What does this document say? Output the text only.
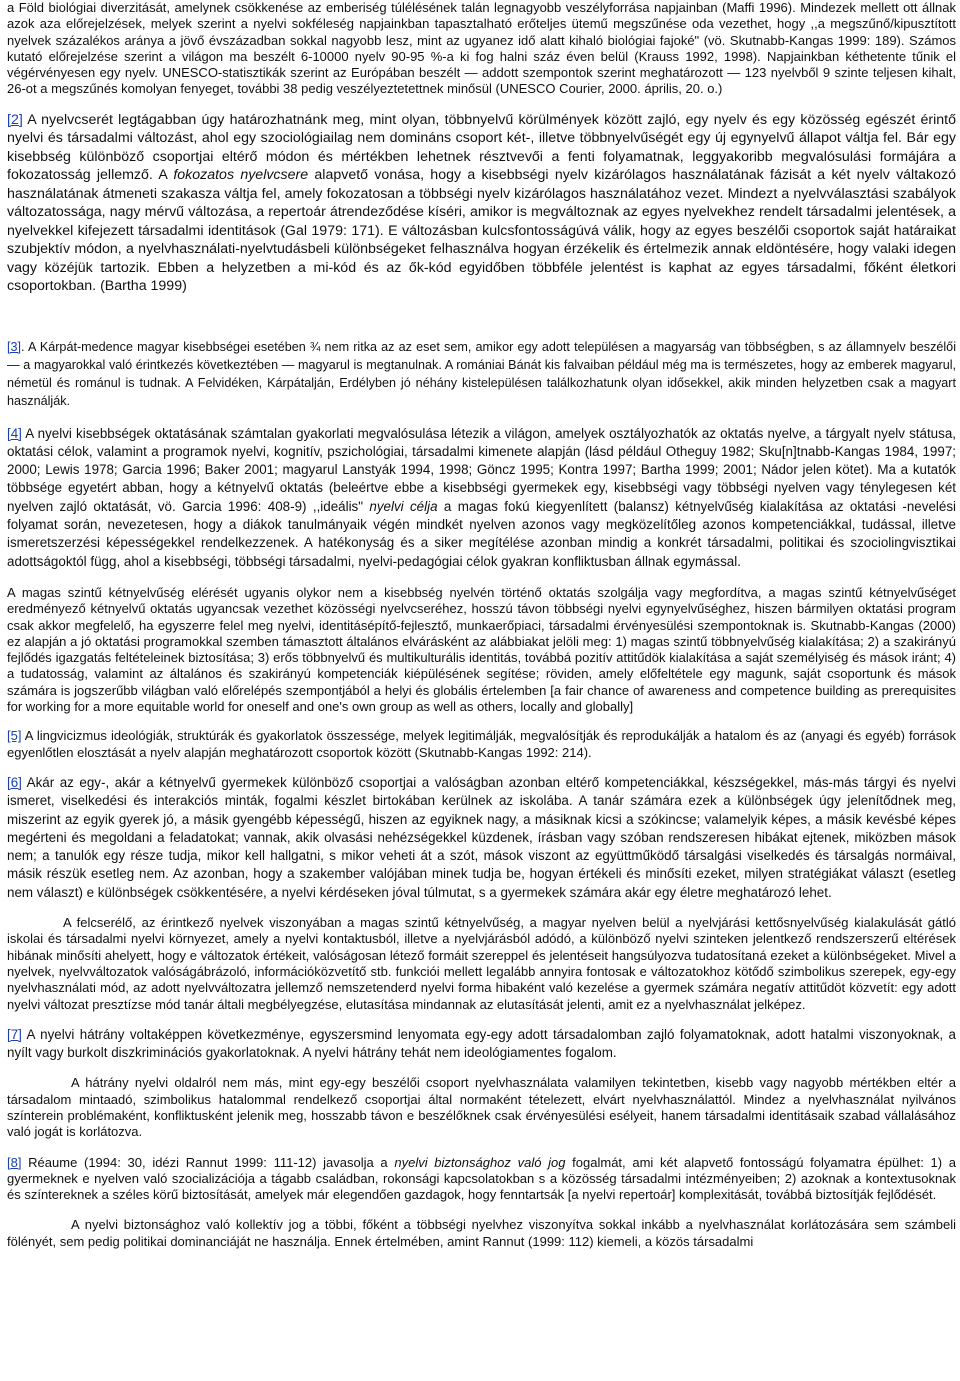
a Föld biológiai diverzitását, amelynek csökkenése az emberiség túlélésének talán legnagyobb veszélyforrása napjainban (Maffi 1996). Mindezek mellett ott állnak azok aza előrejelzések, melyek szerint a nyelvi sokféleség napjainkban tapasztalható erőteljes ütemű megszűnése oda vezethet, hogy ,,a megszűnő/kipusztított nyelvek százalékos aránya a jövő évszázadban sokkal nagyobb lesz, mint az ugyanez idő alatt kihaló biológiai fajoké" (vö. Skutnabb-Kangas 1999: 189). Számos kutató előrejelzése szerint a világon ma beszélt 6-10000 nyelv 90-95 %-a ki fog halni száz éven belül (Krauss 1992, 1998). Napjainkban kéthetente tűnik el végérvényesen egy nyelv. UNESCO-statisztikák szerint az Európában beszélt — addott szempontok szerint meghatározott — 123 nyelvből 9 szinte teljesen kihalt, 26-ot a megszűnés komolyan fenyeget, további 38 pedig veszélyeztetettnek minősül (UNESCO Courier, 2000. április, 20. o.)

[2] A nyelvcserét legtágabban úgy határozhatnánk meg, mint olyan, többnyelvű körülmények között zajló, egy nyelv és egy közösség egészét érintő nyelvi és társadalmi változást, ahol egy szociológiailag nem domináns csoport két-, illetve többnyelvűségét egy új egynyelvű állapot váltja fel. Bár egy kisebbség különböző csoportjai eltérő módon és mértékben lehetnek résztvevői a fenti folyamatnak, leggyakoribb megvalósulási formájára a fokozatosság jellemző. A fokozatos nyelvcsere alapvető vonása, hogy a kisebbségi nyelv kizárólagos használatának fázisát a két nyelv váltakozó használatának átmeneti szakasza váltja fel, amely fokozatosan a többségi nyelv kizárólagos használatához vezet. Mindezt a nyelvválasztási szabályok változatossága, nagy mérvű változása, a repertoár átrendeződése kíséri, amikor is megváltoznak az egyes nyelvekhez rendelt társadalmi jelentések, a nyelvekkel kifejezett társadalmi identitások (Gal 1979: 171). E változásban kulcsfontosságúvá válik, hogy az egyes beszélői csoportok saját határaikat szubjektív módon, a nyelvhasználati-nyelvtudásbeli különbségeket felhasználva hogyan érzékelik és értelmezik annak eldöntésére, hogy valaki idegen vagy közéjük tartozik. Ebben a helyzetben a mi-kód és az ők-kód egyidőben többféle jelentést is kaphat az egyes társadalmi, főként életkori csoportokban. (Bartha 1999)

[3]. A Kárpát-medence magyar kisebbségei esetében ¾ nem ritka az az eset sem, amikor egy adott településen a magyarság van többségben, s az államnyelv beszélői — a magyarokkal való érintkezés következtében — magyarul is megtanulnak. A romániai Bánát kis falvaiban például még ma is természetes, hogy az emberek magyarul, németül és románul is tudnak. A Felvidéken, Kárpátalján, Erdélyben jó néhány kistelepülésen találkozhatunk olyan idősekkel, akik minden helyzetben csak a magyart használják.

[4] A nyelvi kisebbségek oktatásának számtalan gyakorlati megvalósulása létezik a világon, amelyek osztályozhatók az oktatás nyelve, a tárgyalt nyelv státusa, oktatási célok, valamint a programok nyelvi, kognitív, pszichológiai, társadalmi kimenete alapján (lásd például Otheguy 1982; Sku[n]tnabb-Kangas 1984, 1997; 2000; Lewis 1978; Garcia 1996; Baker 2001; magyarul Lanstyák 1994, 1998; Göncz 1995; Kontra 1997; Bartha 1999; 2001; Nádor jelen kötet). Ma a kutatók többsége egyetért abban, hogy a kétnyelvű oktatás (beleértve ebbe a kisebbségi gyermekek egy, kisebbségi vagy többségi nyelven vagy ténylegesen két nyelven zajló oktatását, vö. Garcia 1996: 408-9) ,,ideális" nyelvi célja a magas fokú kiegyenlített (balansz) kétnyelvűség kialakítása az oktatási -nevelési folyamat során, nevezetesen, hogy a diákok tanulmányaik végén mindkét nyelven azonos vagy megközelítőleg azonos kompetenciákkal, tudással, illetve ismeretszerzési képességekkel rendelkezzenek. A hatékonyság és a siker megítélése azonban mindig a konkrét társadalmi, politikai és szociolingvisztikai adottságoktól függ, ahol a kisebbségi, többségi társadalmi, nyelvi-pedagógiai célok gyakran konfliktusban állnak egymással.

A magas szintű kétnyelvűség elérését ugyanis olykor nem a kisebbség nyelvén történő oktatás szolgálja vagy megfordítva, a magas szintű kétnyelvűséget eredményező kétnyelvű oktatás ugyancsak vezethet közösségi nyelvcseréhez, hosszú távon többségi nyelvi egynyelvűséghez, hiszen bármilyen oktatási program csak akkor megfelelő, ha egyszerre felel meg nyelvi, identitásépítő-fejlesztő, munkaerőpiaci, társadalmi érvényesülési szempontoknak is. Skutnabb-Kangas (2000) ez alapján a jó oktatási programokkal szemben támasztott általános elvárásként az alábbiakat jelöli meg: 1) magas szintű többnyelvűség kialakítása; 2) a szakirányú fejlődés igazgatás feltételeinek biztosítása; 3) erős többnyelvű és multikulturális identitás, továbbá pozitív attitűdök kialakítása a saját személyiség és mások iránt; 4) a tudatosság, valamint az általános és szakirányú kompetenciák kiépülésének segítése; röviden, amely előfeltétele egy magunk, saját csoportunk és mások számára is jogszerűbb világban való előrelépés szempontjából a helyi és globális értelemben [a fair chance of awareness and competence building as prerequisites for working for a more equitable world for oneself and one's own group as well as others, locally and globally]

[5] A lingvicizmus ideológiák, struktúrák és gyakorlatok összessége, melyek legitimálják, megvalósítják és reprodukálják a hatalom és az (anyagi és egyéb) források egyenlőtlen elosztását a nyelv alapján meghatározott csoportok között (Skutnabb-Kangas 1992: 214).

[6] Akár az egy-, akár a kétnyelvű gyermekek különböző csoportjai a valóságban azonban eltérő kompetenciákkal, készségekkel, más-más tárgyi és nyelvi ismeret, viselkedési és interakciós minták, fogalmi készlet birtokában kerülnek az iskolába. A tanár számára ezek a különbségek úgy jelenítődnek meg, miszerint az egyik gyerek jó, a másik gyengébb képességű, hiszen az egyiknek nagy, a másiknak kicsi a szókincse; valamelyik képes, a másik kevésbé képes megérteni és megoldani a feladatokat; vannak, akik olvasási nehézségekkel küzdenek, írásban vagy szóban rendszeresen hibákat ejtenek, miközben mások nem; a tanulók egy része tudja, mikor kell hallgatni, s mikor veheti át a szót, mások viszont az együttműködő társalgási viselkedés és társalgás normáival, másik részük esetleg nem. Az azonban, hogy a szakember valójában minek tudja be, hogyan értékeli és minősíti ezeket, milyen stratégiákat választ (esetleg nem választ) e különbségek csökkentésére, a nyelvi kérdéseken jóval túlmutat, s a gyermekek számára akár egy életre meghatározó lehet.

A felcserélő, az érintkező nyelvek viszonyában a magas szintű kétnyelvűség, a magyar nyelven belül a nyelvjárási kettősnyelvűség kialakulását gátló iskolai és társadalmi nyelvi környezet, amely a nyelvi kontaktusból, illetve a nyelvjárásból adódó, a különböző nyelvi szinteken jelentkező rendszerszerű eltérések hibának minősíti ahelyett, hogy e változatok értékeit, valóságosan létező formáit szereppel és jelentéseit hangsúlyozva tudatosítaná ezeket a különbségeket. Mivel a nyelvek, nyelvváltozatok valóságábrázoló, információközvetítő stb. funkciói mellett legalább annyira fontosak e változatokhoz kötődő szimbolikus szerepek, egy-egy nyelvhasználati mód, az adott nyelvváltozatra jellemző nemszetenderd nyelvi forma hibaként való kezelése a gyermek számára negatív attitűdöt közvetít: egy adott nyelvi változat presztízse mód tanár általi megbélyegzése, elutasítása mindannak az elutasítását jelenti, amit ez a nyelvhasználat jelképez.

[7] A nyelvi hátrány voltaképpen következménye, egyszersmind lenyomata egy-egy adott társadalomban zajló folyamatoknak, adott hatalmi viszonyoknak, a nyílt vagy burkolt diszkriminációs gyakorlatoknak. A nyelvi hátrány tehát nem ideológiamentes fogalom.

A hátrány nyelvi oldalról nem más, mint egy-egy beszélői csoport nyelvhasználata valamilyen tekintetben, kisebb vagy nagyobb mértékben eltér a társadalom mintaadó, szimbolikus hatalommal rendelkező csoportjai által normaként tételezett, elvárt nyelvhasználattól. Mindez a nyelvhasználat nyilvános színterein problémaként, konfliktusként jelenik meg, hosszabb távon e beszélőknek csak érvényesülési esélyeit, hanem társadalmi identitásaik szabad vállalásához való jogát is korlátozva.

[8] Réaume (1994: 30, idézi Rannut 1999: 111-12) javasolja a nyelvi biztonsághoz való jog fogalmát, ami két alapvető fontosságú folyamatra épülhet: 1) a gyermeknek e nyelven való szocializációja a tágabb családban, rokonsági kapcsolatokban s a közösség társadalmi intézményeiben; 2) azoknak a kontextusoknak és színtereknek a széles körű biztosítását, amelyek már elegendően gazdagok, hogy fenntartsák [a nyelvi repertoár] komplexitását, továbbá biztosítják fejlődését.

A nyelvi biztonsághoz való kollektív jog a többi, főként a többségi nyelvhez viszonyítva sokkal inkább a nyelvhasználat korlátozására sem számbeli fölényét, sem pedig politikai dominanciáját ne használja. Ennek értelmében, amint Rannut (1999: 112) kiemeli, a közös társadalmi
